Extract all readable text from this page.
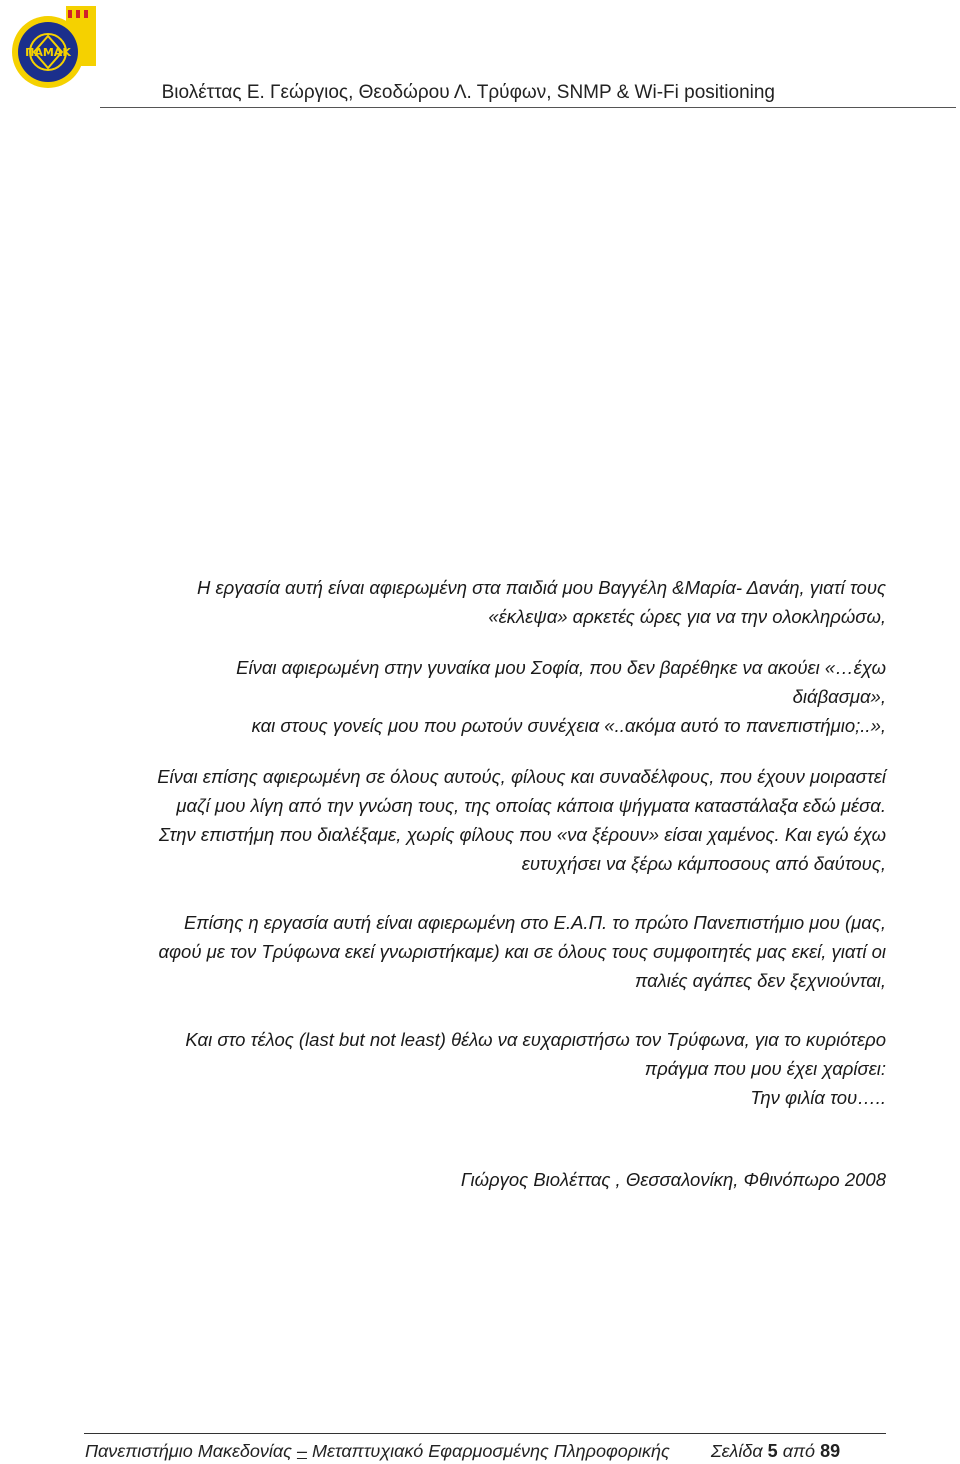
ΠΑΜΑΚ
Βιολέττας Ε. Γεώργιος, Θεοδώρου Λ. Τρύφων, SNMP & Wi-Fi positioning

Η εργασία αυτή είναι αφιερωμένη στα παιδιά μου Βαγγέλη &Μαρία- Δανάη, γιατί τους

«έκλεψα» αρκετές ώρες για να την ολοκληρώσω,

Είναι αφιερωμένη στην γυναίκα μου Σοφία, που δεν βαρέθηκε να ακούει «…έχω

διάβασμα»,

και στους γονείς μου που ρωτούν συνέχεια «..ακόμα αυτό το πανεπιστήμιο;..»,

Είναι επίσης αφιερωμένη σε όλους αυτούς, φίλους και συναδέλφους, που έχουν μοιραστεί

μαζί μου λίγη από την γνώση τους, της οποίας κάποια ψήγματα καταστάλαξα εδώ μέσα.

Στην επιστήμη που διαλέξαμε, χωρίς φίλους που «να ξέρουν» είσαι χαμένος. Και εγώ έχω

ευτυχήσει να ξέρω κάμποσους από δαύτους,

Επίσης η εργασία αυτή είναι αφιερωμένη στο Ε.Α.Π. το πρώτο Πανεπιστήμιο μου (μας,

αφού με τον Τρύφωνα εκεί γνωριστήκαμε) και σε όλους τους συμφοιτητές μας εκεί, γιατί οι

παλιές αγάπες δεν ξεχνιούνται,

Και στο τέλος (last but not least) θέλω να ευχαριστήσω τον Τρύφωνα, για το κυριότερο

πράγμα που μου έχει χαρίσει:

Την φιλία του…..

Γιώργος Βιολέττας , Θεσσαλονίκη, Φθινόπωρο 2008

Πανεπιστήμιο Μακεδονίας – Μεταπτυχιακό Εφαρμοσμένης Πληροφορικής Σελίδα 5 από 89
